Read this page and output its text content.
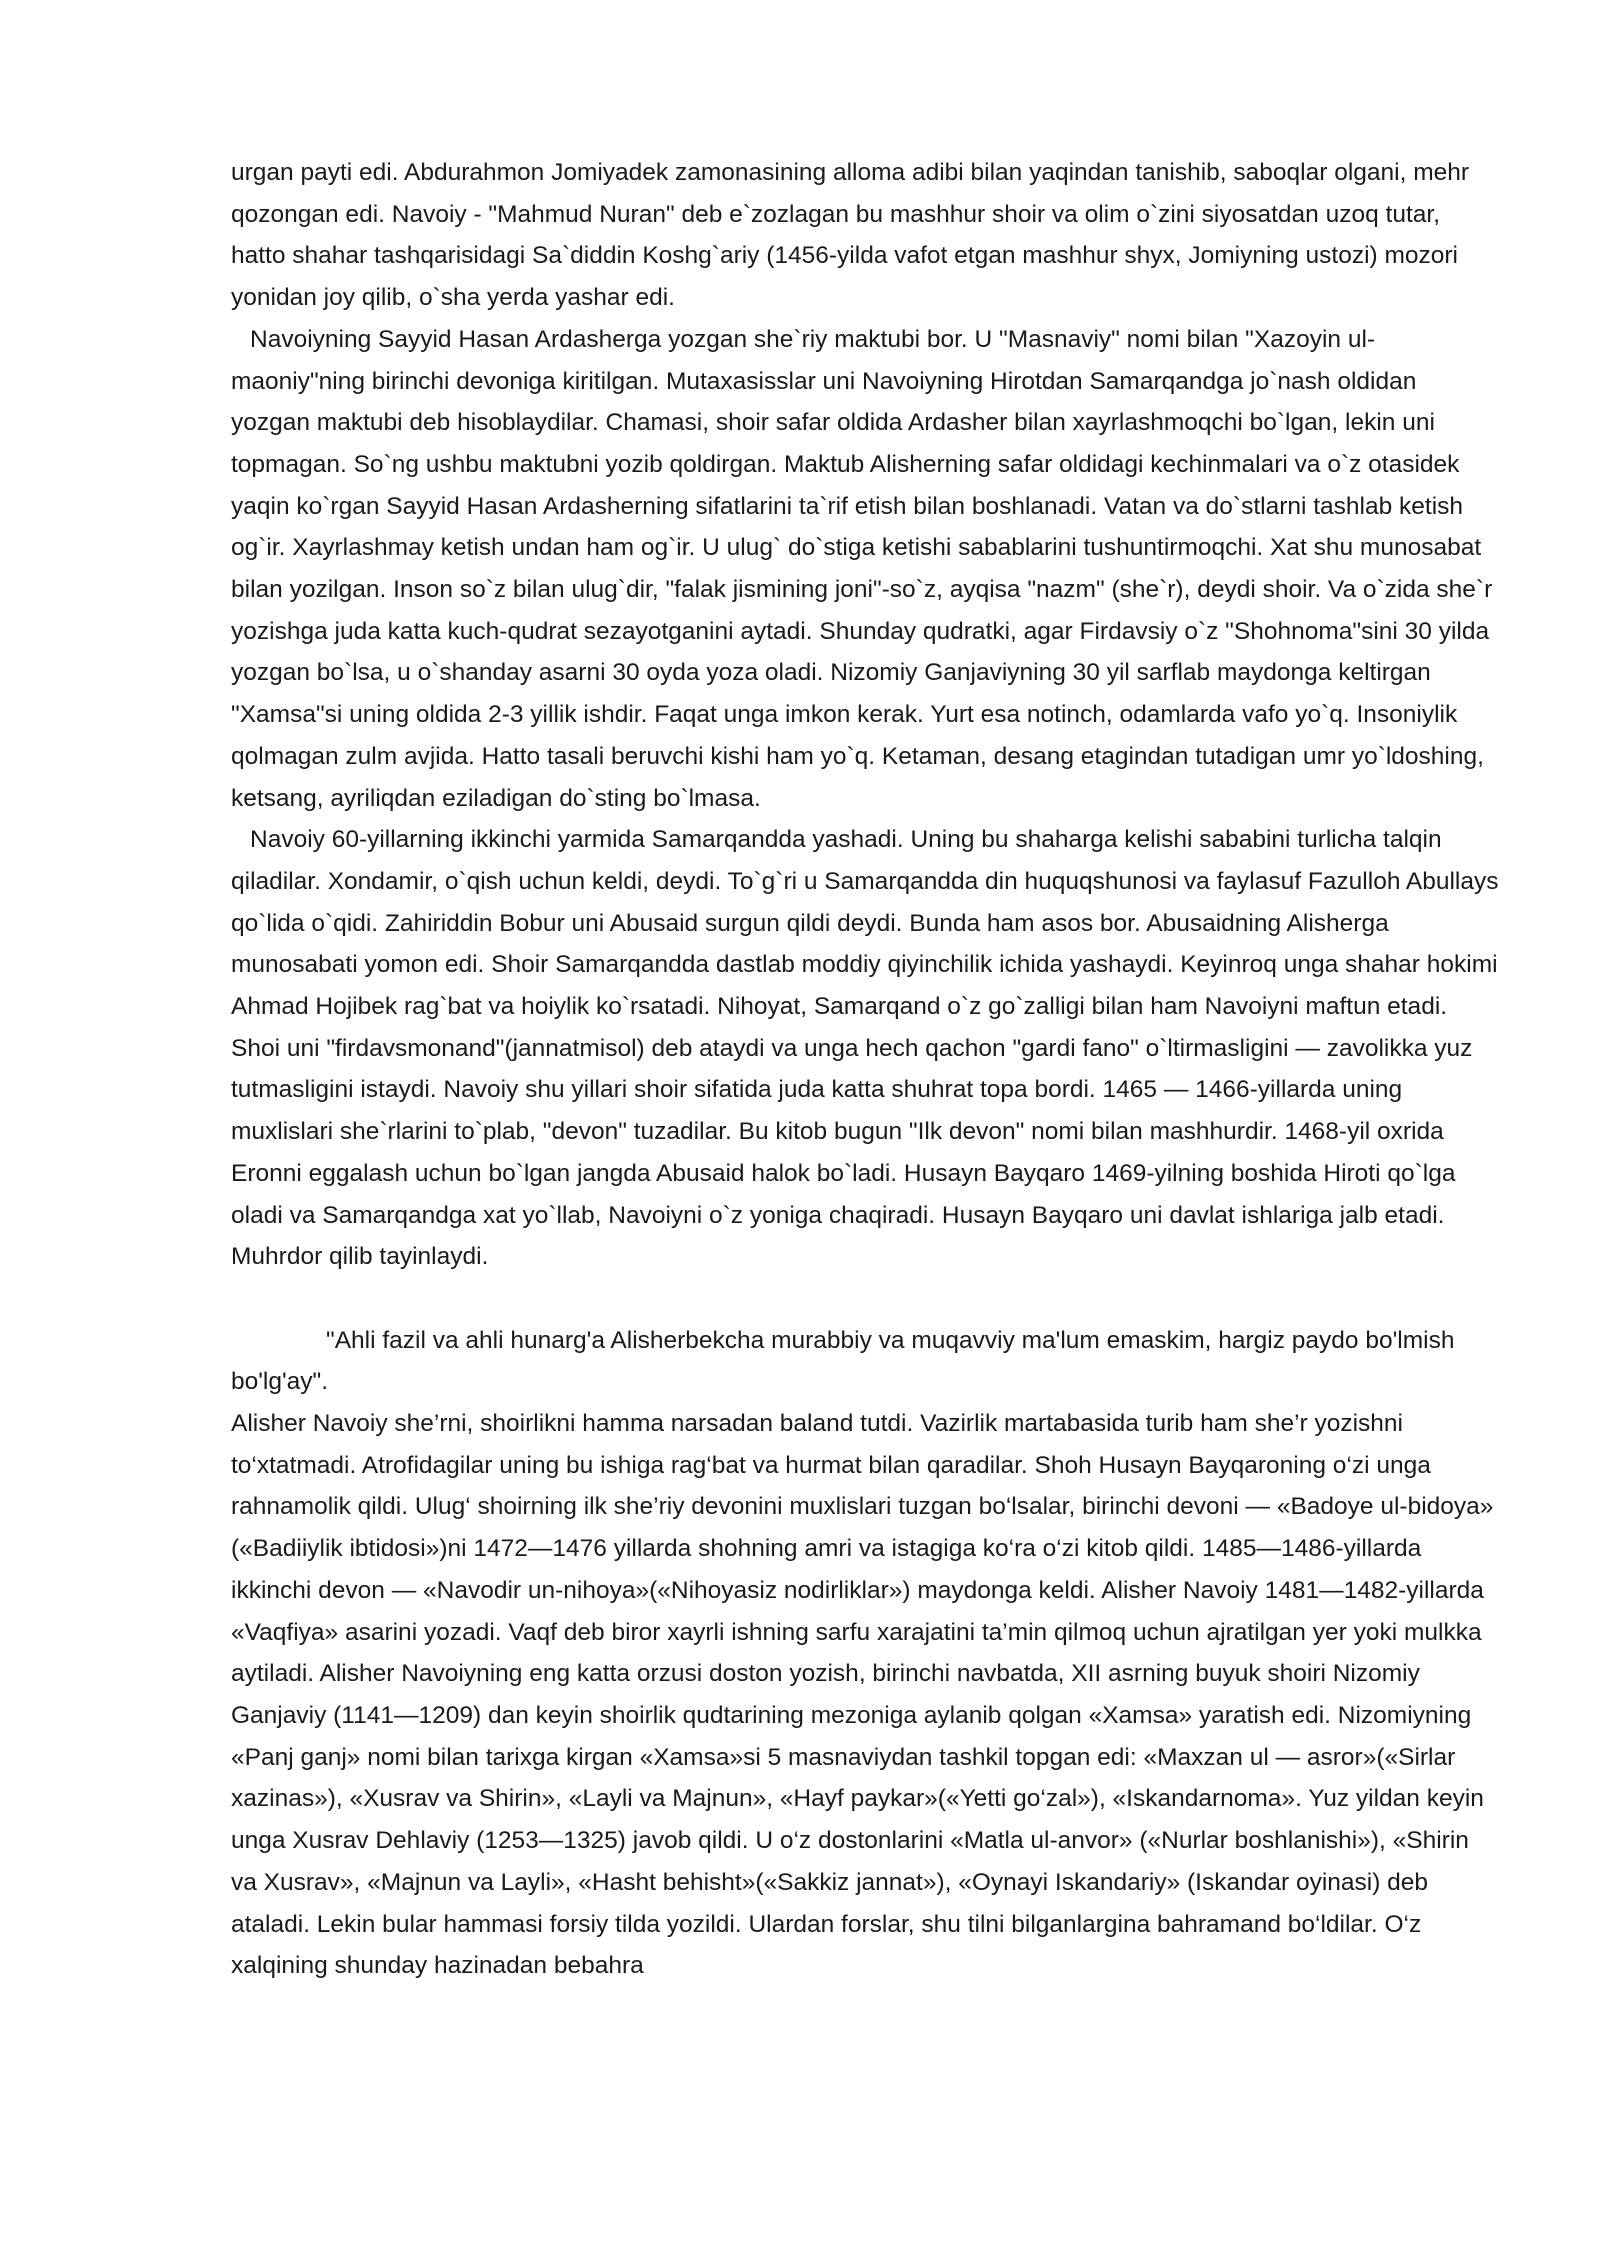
urgan payti edi. Abdurahmon Jomiyadek zamonasining alloma adibi bilan yaqindan tanishib, saboqlar olgani, mehr qozongan edi. Navoiy - "Mahmud Nuran" deb e`zozlagan bu mashhur shoir va olim o`zini siyosatdan uzoq tutar, hatto shahar tashqarisidagi Sa`diddin Koshg`ariy (1456-yilda vafot etgan mashhur shyx, Jomiyning ustozi) mozori yonidan joy qilib, o`sha yerda yashar edi.

Navoiyning Sayyid Hasan Ardasherga yozgan she`riy maktubi bor. U "Masnaviy" nomi bilan "Xazoyin ul-maoniy"ning birinchi devoniga kiritilgan. Mutaxasisslar uni Navoiyning Hirotdan Samarqandga jo`nash oldidan yozgan maktubi deb hisoblaydilar. Chamasi, shoir safar oldida Ardasher bilan xayrlashmoqchi bo`lgan, lekin uni topmagan. So`ng ushbu maktubni yozib qoldirgan. Maktub Alisherning safar oldidagi kechinmalari va o`z otasidek yaqin ko`rgan Sayyid Hasan Ardasherning sifatlarini ta`rif etish bilan boshlanadi. Vatan va do`stlarni tashlab ketish og`ir. Xayrlashmay ketish undan ham og`ir. U ulug` do`stiga ketishi sabablarini tushuntirmoqchi. Xat shu munosabat bilan yozilgan. Inson so`z bilan ulug`dir, "falak jismining joni"-so`z, ayqisa "nazm" (she`r), deydi shoir. Va o`zida she`r yozishga juda katta kuch-qudrat sezayotganini aytadi. Shunday qudratki, agar Firdavsiy o`z "Shohnoma"sini 30 yilda yozgan bo`lsa, u o`shanday asarni 30 oyda yoza oladi. Nizomiy Ganjaviyning 30 yil sarflab maydonga keltirgan "Xamsa"si uning oldida 2-3 yillik ishdir. Faqat unga imkon kerak. Yurt esa notinch, odamlarda vafo yo`q. Insoniylik qolmagan zulm avjida. Hatto tasali beruvchi kishi ham yo`q. Ketaman, desang etagindan tutadigan umr yo`ldoshing, ketsang, ayriliqdan eziladigan do`sting bo`lmasa.

Navoiy 60-yillarning ikkinchi yarmida Samarqandda yashadi. Uning bu shaharga kelishi sababini turlicha talqin qiladilar. Xondamir, o`qish uchun keldi, deydi. To`g`ri u Samarqandda din huquqshunosi va faylasuf Fazulloh Abullays qo`lida o`qidi. Zahiriddin Bobur uni Abusaid surgun qildi deydi. Bunda ham asos bor. Abusaidning Alisherga munosabati yomon edi. Shoir Samarqandda dastlab moddiy qiyinchilik ichida yashaydi. Keyinroq unga shahar hokimi Ahmad Hojibek rag`bat va hoiylik ko`rsatadi. Nihoyat, Samarqand o`z go`zalligi bilan ham Navoiyni maftun etadi. Shoi uni "firdavsmonand"(jannatmisol) deb ataydi va unga hech qachon "gardi fano" o`ltirmasligini — zavolikka yuz tutmasligini istaydi. Navoiy shu yillari shoir sifatida juda katta shuhrat topa bordi. 1465 — 1466-yillarda uning muxlislari she`rlarini to`plab, "devon" tuzadilar. Bu kitob bugun "Ilk devon" nomi bilan mashhurdir. 1468-yil oxrida Eronni eggalash uchun bo`lgan jangda Abusaid halok bo`ladi. Husayn Bayqaro 1469-yilning boshida Hiroti qo`lga oladi va Samarqandga xat yo`llab, Navoiyni o`z yoniga chaqiradi. Husayn Bayqaro uni davlat ishlariga jalb etadi. Muhrdor qilib tayinlaydi.

"Ahli fazil va ahli hunarg'a Alisherbekcha murabbiy va muqavviy ma'lum emaskim, hargiz paydo bo'lmish bo'lg'ay".

Alisher Navoiy she’rni, shoirlikni hamma narsadan baland tutdi. Vazirlik martabasida turib ham she’r yozishni to‘xtatmadi. Atrofidagilar uning bu ishiga rag‘bat va hurmat bilan qaradilar. Shoh Husayn Bayqaroning o‘zi unga rahnamolik qildi. Ulug‘ shoirning ilk she’riy devonini muxlislari tuzgan bo‘lsalar, birinchi devoni — «Badoye ul-bidoya» («Badiiylik ibtidosi»)ni 1472—1476 yillarda shohning amri va istagiga ko‘ra o‘zi kitob qildi. 1485—1486-yillarda ikkinchi devon — «Navodir un-nihoya»(«Nihoyasiz nodirliklar») maydonga keldi. Alisher Navoiy 1481—1482-yillarda «Vaqfiya» asarini yozadi. Vaqf deb biror xayrli ishning sarfu xarajatini ta’min qilmoq uchun ajratilgan yer yoki mulkka aytiladi. Alisher Navoiyning eng katta orzusi doston yozish, birinchi navbatda, XII asrning buyuk shoiri Nizomiy Ganjaviy (1141—1209) dan keyin shoirlik qudtarining mezoniga aylanib qolgan «Xamsa» yaratish edi. Nizomiyning «Panj ganj» nomi bilan tarixga kirgan «Xamsa»si 5 masnaviydan tashkil topgan edi: «Maxzan ul — asror»(«Sirlar xazinas»), «Xusrav va Shirin», «Layli va Majnun», «Hayf paykar»(«Yetti go‘zal»), «Iskandarnoma». Yuz yildan keyin unga Xusrav Dehlaviy (1253—1325) javob qildi. U o‘z dostonlarini «Matla ul-anvor» («Nurlar boshlanishi»), «Shirin va Xusrav», «Majnun va Layli», «Hasht behisht»(«Sakkiz jannat»), «Oynayi Iskandariy» (Iskandar oyinasi) deb ataladi. Lekin bular hammasi forsiy tilda yozildi. Ulardan forslar, shu tilni bilganlargina bahramand bo‘ldilar. O‘z xalqining shunday hazinadan bebahra
